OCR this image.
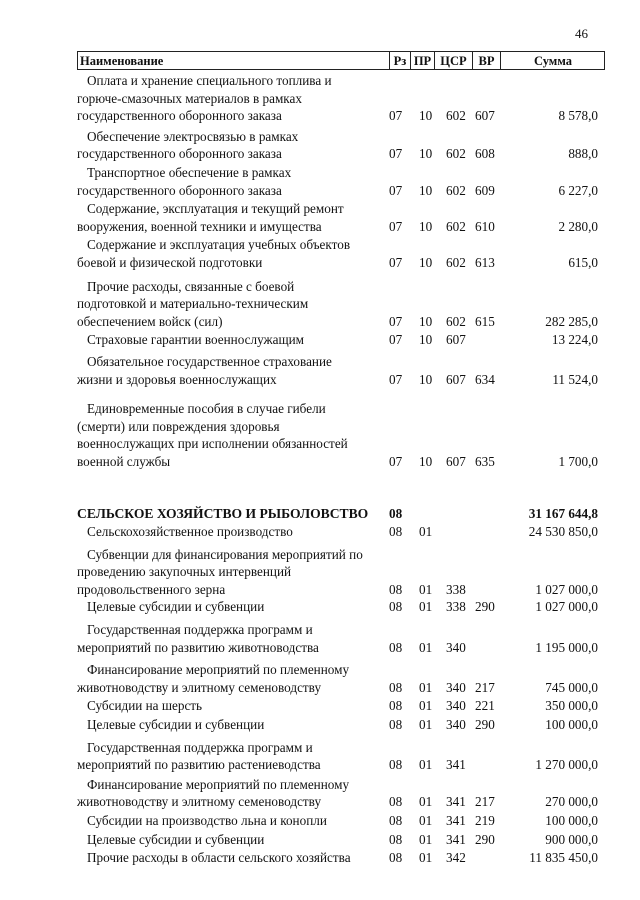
46
Наименование	Рз ПР ЦСР ВР	Сумма
Оплата и хранение специального топлива и
горюче-смазочных материалов в рамках
государственного оборонного заказа	07 10 602 607	8 578,0
Обеспечение электросвязью в рамках
государственного оборонного заказа	07 10 602 608	888,0
Транспортное обеспечение в рамках
государственного оборонного заказа	07 10 602 609	6 227,0
Содержание, эксплуатация и текущий ремонт
вооружения, военной техники и имущества	07 10 602 610	2 280,0
Содержание и эксплуатация учебных объектов
боевой и физической подготовки	07 10 602 613	615,0
Прочие расходы, связанные с боевой
подготовкой и материально-техническим
обеспечением войск (сил)	07 10 602 615	282 285,0
Страховые гарантии военнослужащим	07 10 607	13 224,0
Обязательное государственное страхование
жизни и здоровья военнослужащих	07 10 607 634	11 524,0
Единовременные пособия в случае гибели
(смерти) или повреждения здоровья
военнослужащих при исполнении обязанностей
военной службы	07 10 607 635	1 700,0
СЕЛЬСКОЕ ХОЗЯЙСТВО И РЫБОЛОВСТВО	08	31 167 644,8
Сельскохозяйственное производство	08 01	24 530 850,0
Субвенции для финансирования мероприятий по
проведению закупочных интервенций
продовольственного зерна	08 01 338	1 027 000,0
Целевые субсидии и субвенции	08 01 338 290	1 027 000,0
Государственная поддержка программ и
мероприятий по развитию животноводства	08 01 340	1 195 000,0
Финансирование мероприятий по племенному
животноводству и элитному семеноводству	08 01 340 217	745 000,0
Субсидии на шерсть	08 01 340 221	350 000,0
Целевые субсидии и субвенции	08 01 340 290	100 000,0
Государственная поддержка программ и
мероприятий по развитию растениеводства	08 01 341	1 270 000,0
Финансирование мероприятий по племенному
животноводству и элитному семеноводству	08 01 341 217	270 000,0
Субсидии на производство льна и конопли	08 01 341 219	100 000,0
Целевые субсидии и субвенции	08 01 341 290	900 000,0
Прочие расходы в области сельского хозяйства	08 01 342	11 835 450,0
